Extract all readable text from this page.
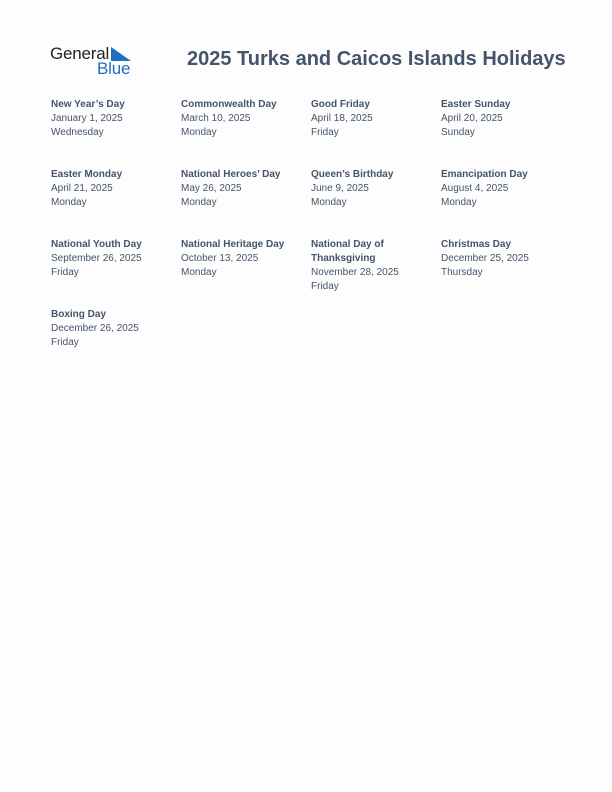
General
Blue	2025 Turks and Caicos Islands Holidays
New Year’s Day
January 1, 2025
Wednesday
Commonwealth Day
March 10, 2025
Monday
Good Friday
April 18, 2025
Friday
Easter Sunday
April 20, 2025
Sunday
Easter Monday
April 21, 2025
Monday
National Heroes’ Day
May 26, 2025
Monday
Queen’s Birthday
June 9, 2025
Monday
Emancipation Day
August 4, 2025
Monday
National Youth Day
September 26, 2025
Friday
National Heritage Day
October 13, 2025
Monday
National Day of Thanksgiving
November 28, 2025
Friday
Christmas Day
December 25, 2025
Thursday
Boxing Day
December 26, 2025
Friday
